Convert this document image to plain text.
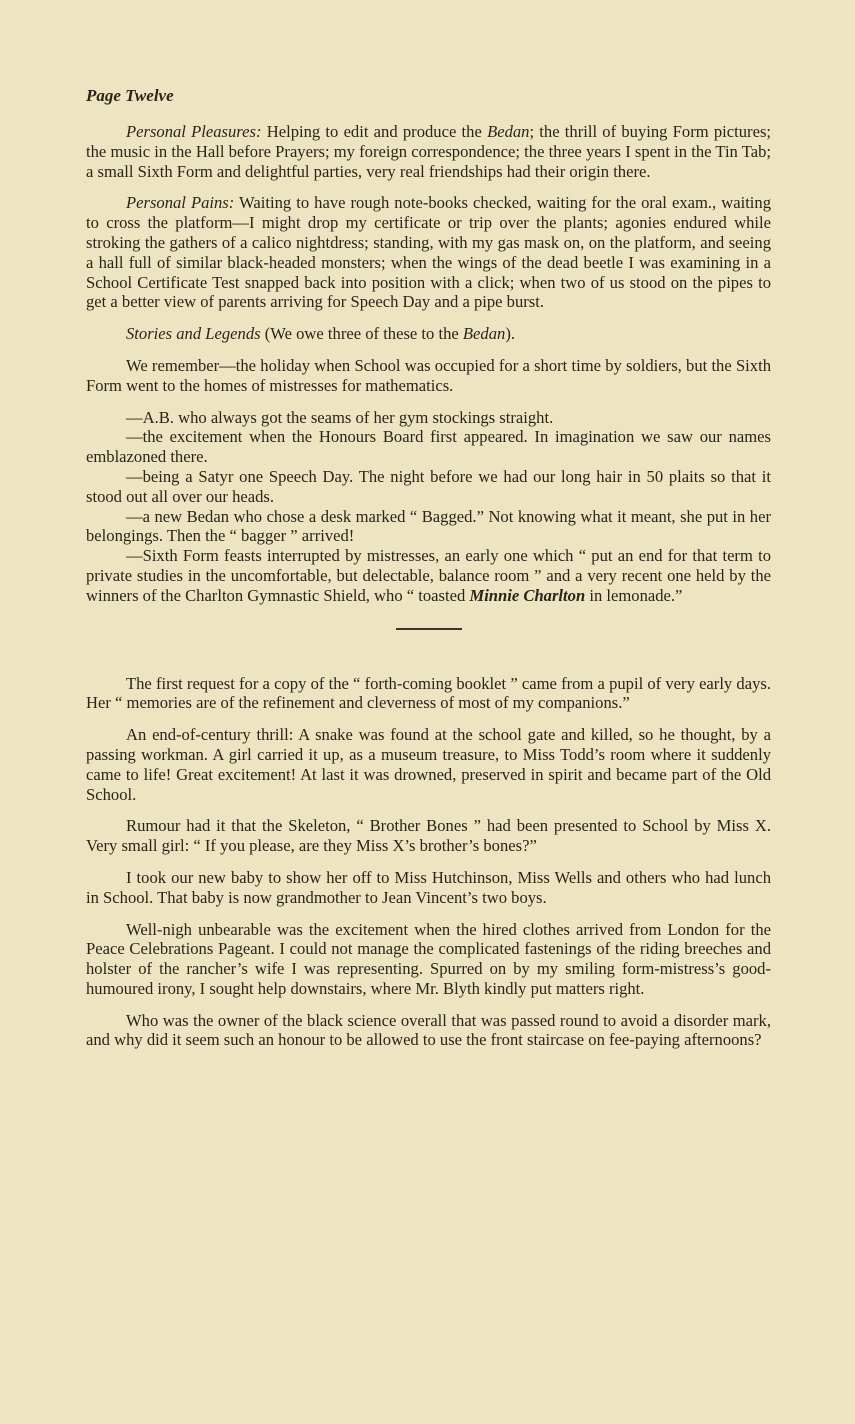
Page Twelve

Personal Pleasures: Helping to edit and produce the Bedan; the thrill of buying Form pictures; the music in the Hall before Prayers; my foreign correspondence; the three years I spent in the Tin Tab; a small Sixth Form and delightful parties, very real friendships had their origin there.

Personal Pains: Waiting to have rough note-books checked, waiting for the oral exam., waiting to cross the platform—I might drop my certificate or trip over the plants; agonies endured while stroking the gathers of a calico nightdress; standing, with my gas mask on, on the platform, and seeing a hall full of similar black-headed monsters; when the wings of the dead beetle I was examining in a School Certificate Test snapped back into position with a click; when two of us stood on the pipes to get a better view of parents arriving for Speech Day and a pipe burst.

Stories and Legends (We owe three of these to the Bedan).

We remember—the holiday when School was occupied for a short time by soldiers, but the Sixth Form went to the homes of mistresses for mathematics.

—A.B. who always got the seams of her gym stockings straight.

—the excitement when the Honours Board first appeared. In imagination we saw our names emblazoned there.

—being a Satyr one Speech Day. The night before we had our long hair in 50 plaits so that it stood out all over our heads.

—a new Bedan who chose a desk marked “ Bagged.” Not knowing what it meant, she put in her belongings. Then the “ bagger ” arrived!

—Sixth Form feasts interrupted by mistresses, an early one which “ put an end for that term to private studies in the uncomfortable, but delectable, balance room ” and a very recent one held by the winners of the Charlton Gymnastic Shield, who “ toasted Minnie Charlton in lemonade.”

The first request for a copy of the “ forth-coming booklet ” came from a pupil of very early days. Her “ memories are of the refinement and cleverness of most of my companions.”

An end-of-century thrill: A snake was found at the school gate and killed, so he thought, by a passing workman. A girl carried it up, as a museum treasure, to Miss Todd’s room where it suddenly came to life! Great excitement! At last it was drowned, preserved in spirit and became part of the Old School.

Rumour had it that the Skeleton, “ Brother Bones ” had been presented to School by Miss X. Very small girl: “ If you please, are they Miss X’s brother’s bones?”

I took our new baby to show her off to Miss Hutchinson, Miss Wells and others who had lunch in School. That baby is now grandmother to Jean Vincent’s two boys.

Well-nigh unbearable was the excitement when the hired clothes arrived from London for the Peace Celebrations Pageant. I could not manage the complicated fastenings of the riding breeches and holster of the rancher’s wife I was representing. Spurred on by my smiling form-mistress’s good-humoured irony, I sought help downstairs, where Mr. Blyth kindly put matters right.

Who was the owner of the black science overall that was passed round to avoid a disorder mark, and why did it seem such an honour to be allowed to use the front staircase on fee-paying afternoons?
